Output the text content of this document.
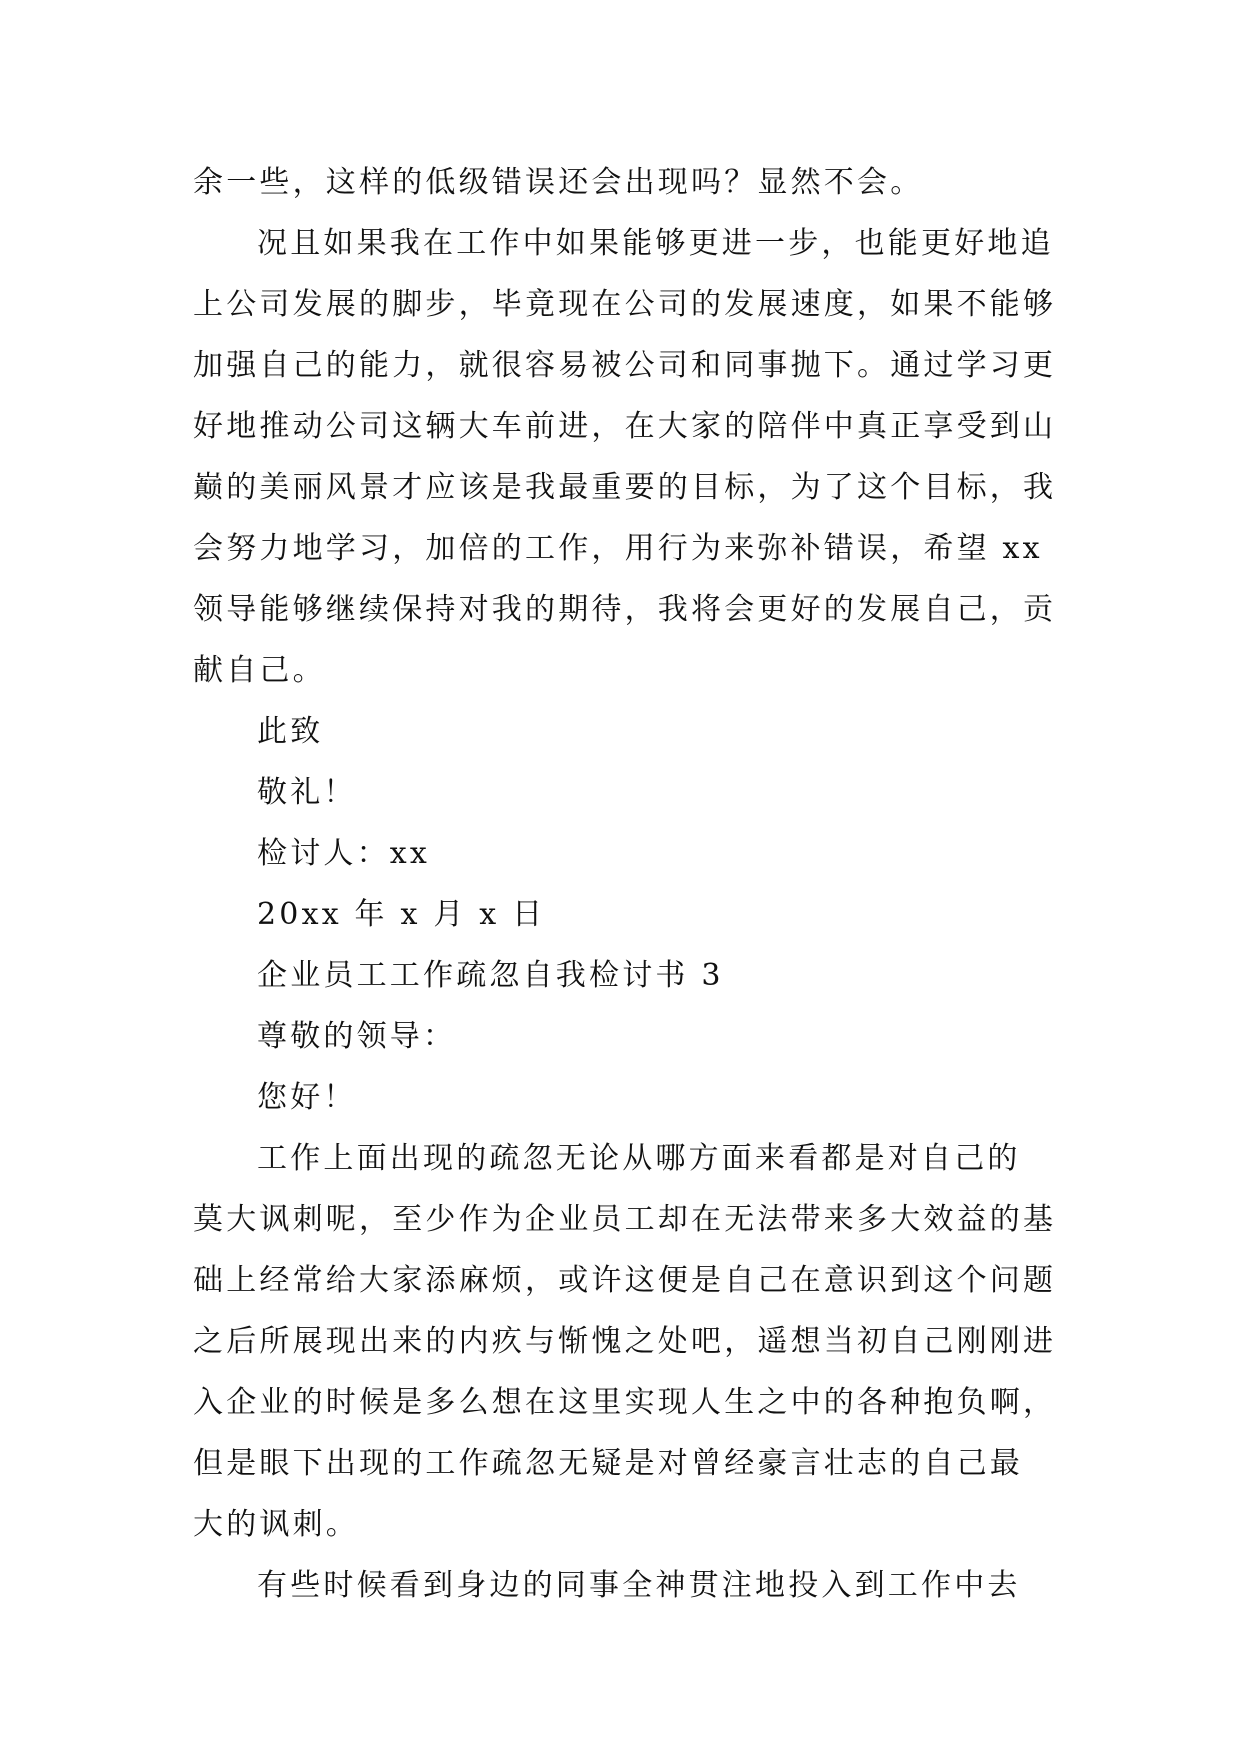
余一些，这样的低级错误还会出现吗？显然不会。
况且如果我在工作中如果能够更进一步，也能更好地追
上公司发展的脚步，毕竟现在公司的发展速度，如果不能够
加强自己的能力，就很容易被公司和同事抛下。通过学习更
好地推动公司这辆大车前进，在大家的陪伴中真正享受到山
巅的美丽风景才应该是我最重要的目标，为了这个目标，我
会努力地学习，加倍的工作，用行为来弥补错误，希望 xx
领导能够继续保持对我的期待，我将会更好的发展自己，贡
献自己。
此致
敬礼！
检讨人：xx
20xx 年 x 月 x 日
企业员工工作疏忽自我检讨书 3
尊敬的领导：
您好！
工作上面出现的疏忽无论从哪方面来看都是对自己的
莫大讽刺呢，至少作为企业员工却在无法带来多大效益的基
础上经常给大家添麻烦，或许这便是自己在意识到这个问题
之后所展现出来的内疚与惭愧之处吧，遥想当初自己刚刚进
入企业的时候是多么想在这里实现人生之中的各种抱负啊，
但是眼下出现的工作疏忽无疑是对曾经豪言壮志的自己最
大的讽刺。
有些时候看到身边的同事全神贯注地投入到工作中去
